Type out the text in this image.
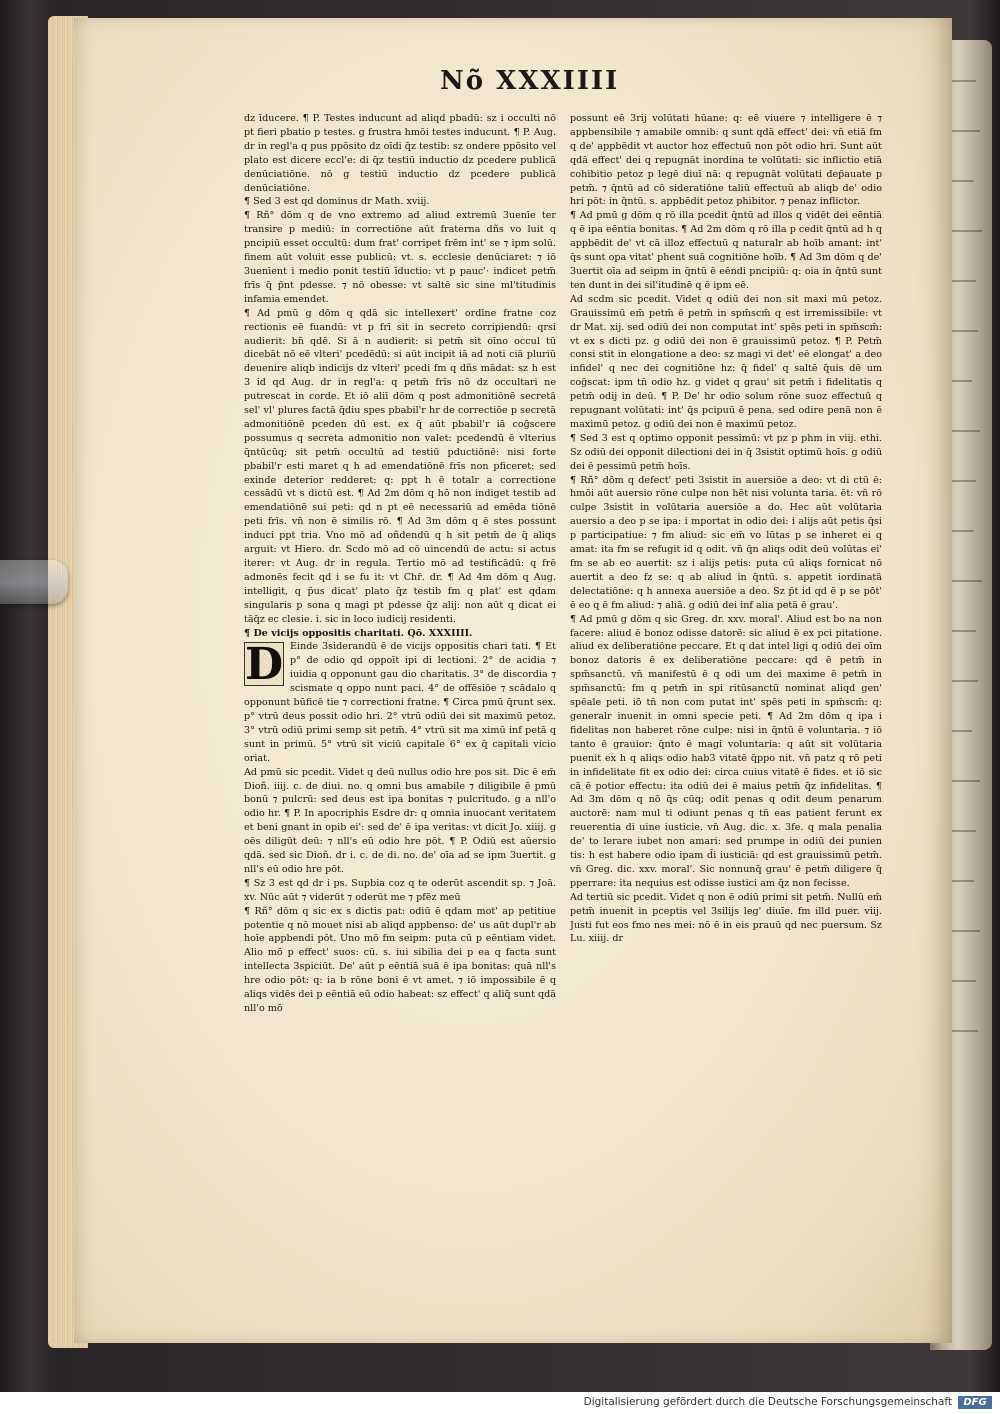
Nõ XXXIIII

dz īducere. ¶ P. Testes inducunt ad aliqd pbadū: sz i occulti nō pt fieri pbatio p testes. g frustra hmōi testes inducunt. ¶ P. Aug. dr in regl'a q pus ppōsito dz oīdi q̄z testib: sz ondere ppōsito vel plato est dicere eccl'e: di q̄z testiū inductio dz pcedere publicā denūciatiōne. nō g testiū inductio dz pcedere publicā denūciatiōne.

¶ Sed 3 est qd dominus dr Math. xviij.

¶ Rñ° dōm q de vno extremo ad aliud extremū 3uenīe ter transire p mediū: in correctiōne aūt fraterna dñs vo luit q pncipiū esset occultū: dum frat' corripet frēm int' se ⁊ ipm solū. finem aūt voluit esse publicū: vt. s. ecclesie denūciaret: ⁊ iō 3uenīent i medio ponit testiū īductio: vt p pauc'· indicet petm̄ frīs q̄ p̄nt pdesse. ⁊ nō obesse: vt saltē sic sine ml'titudinis infamia emendet.

¶ Ad pmū g dōm q qdā sic intellexert' ordīne fratne coz rectionis eē fuandū: vt p frī sit in secreto corripiendū: qrsi audierit: bn̄ qdē. Si ā n audierit: si petm̄ sit oīno occul tū dicebāt nō eē vlteri' pcedēdū: si aūt incipit iā ad noti ciā pluriū deuenire aliqb indicijs dz vlteri' pcedi fm q dñs mādat: sz h est 3 id qd Aug. dr in regl'a: q petm̄ frīs nō dz occultari ne putrescat in corde. Et iō aliī dōm q post admonitiōnē secretā sel' vl' plures factā q̄diu spes pbabil'r hr de correctiōe p secretā admonitiōnē pceden dū est. ex q̄ aūt pbabil'r iā cog̃scere possumus q secreta admonitio non valet: pcedendū ē vlterius q̄ntūcūq; sit petm̄ occultū ad testiū pductiōnē: nisi forte pbabil'r esti maret q h ad emendatiōnē frīs non pficeret: sed exinde deterior redderet: q: ppt h ē totalr a correctione cessādū vt s dictū est. ¶ Ad 2m dōm q hō non indiget testib ad emendatiōnē sui peti: qd n pt eē necessariū ad emēda tiōnē peti frīs. vn̄ non ē similis rō. ¶ Ad 3m dōm q ē stes possunt induci ppt tria. Vno mō ad oñdendū q h sit petm̄ de q̄ aliqs arguit: vt Hiero. dr. Scdo mō ad cō uincendū de actu: si actus iterer: vt Aug. dr in regula. Tertio mō ad testificādū: q frē admonēs fecit qd i se fu it: vt Chr̄. dr. ¶ Ad 4m dōm q Aug. intelligit, q p̄us dicat' plato q̄z testib fm q plat' est qdam singularis p sona q magi pt pdesse q̄z alij: non aūt q dicat ei tāq̄z ec clesie. i. sic in loco iudicij residenti.

¶ De vicijs oppositis charitati. Qō. XXXIIII.

D Einde 3siderandū ē de vicijs oppositis chari tati. ¶ Et p° de odio qd oppoīt ipi di lectioni. 2° de acidia ⁊ iuidia q opponunt gau dio charitatis. 3° de discordia ⁊ scismate q oppo nunt paci. 4° de offēsiōe ⁊ scādalo q opponunt būficē tie ⁊ correctioni fratne. ¶ Circa pmū q̃runt sex. p° vtrū deus possit odio hri. 2° vtrū odiū dei sit maximū petoz. 3° vtrū odiū primi semp sit petm̄. 4° vtrū sit ma ximū inf petā q sunt in primū. 5° vtrū sit viciū capitale 6° ex q̄ capitali vicio oriat.

Ad pmū sic pcedit. Videt q deū nullus odio hre pos sit. Dic ē em̄ Dioñ. iiij. c. de diui. no. q omni bus amabile ⁊ diligibile ē pmū bonū ⁊ pulcrū: sed deus est ipa bonitas ⁊ pulcritudo. g a nll'o odio hr. ¶ P. In apocriphis Esdre dr: q omnia inuocant veritatem et beni gnant in opib ei': sed de' ē ipa veritas: vt dicit Jo. xiiij. g oēs diligūt deū: ⁊ nll's eū odio hre pōt. ¶ P. Odiū est aūersio qdā. sed sic Dioñ. dr i. c. de di. no. de' oīa ad se ipm 3uertit. g nll's eū odio hre pōt.

¶ Sz 3 est qd dr i ps. Supbia coz q te oderūt ascendit sp. ⁊ Joā. xv. Nūc aūt ⁊ viderūt ⁊ oderūt me ⁊ pfēz meū

¶ Rñ° dōm q sic ex s dictis pat: odiū ē qdam mot' ap petitiue potentie q nō mouet nisi ab aliqd appbenso: de' us aūt dupl'r ab hoīe appbendi pōt. Uno mō fm seipm: puta cū p eēntiam videt. Alio mō p effect' suos: cū. s. iui sibilia dei p ea q facta sunt intellecta 3spiciūt. De' aūt p eēntiā suā ē ipa bonitas: quā nll's hre odio pōt: q: ia b rōne boni ē vt amet. ⁊ iō impossibile ē q aliqs vidēs dei p eēntiā eū odio habeat: sz effect' q aliq̄ sunt qdā nll'o mō

possunt eē 3rij volūtati hūane: q: eē viuere ⁊ intelligere ē ⁊ appbensibile ⁊ amabile omnib: q sunt qdā effect' dei: vn̄ etiā fm q de' appbēdit vt auctor hoz effectuū non pōt odio hri. Sunt aūt qdā effect' dei q repugnāt inordina te volūtati: sic inflictio etiā cohibitio petoz p legē diuī nā: q repugnāt volūtati dep̃auate p petm̄. ⁊ q̄ntū ad cō sideratiōne taliū effectuū ab aliqb de' odio hri pōt: in q̄ntū. s. appbēdit petoz phibitor. ⁊ penaz inflictor.

¶ Ad pmū g dōm q rō illa pcedit q̄ntū ad illos q vidēt dei eēntiā q ē ipa eēntia bonitas. ¶ Ad 2m dōm q rō illa p cedit q̄ntū ad h q appbēdit de' vt cā illoz effectuū q naturalr ab hoīb amant: int' q̄s sunt opa vitat' phent suā cognitiōne hoīb. ¶ Ad 3m dōm q de' 3uertit oīa ad seipm in q̄ntū ē eēndi pncipiū: q: oia in q̄ntū sunt ten dunt in dei sil'itudinē q ē ipm eē.

Ad scdm sic pcedit. Videt q odiū dei non sit maxi mū petoz. Grauissimū em̄ petm̄ ē petm̄ in spm̄scm̄ q est irremissibile: vt dr Mat. xij. sed odiū dei non computat int' spēs peti in spm̄scm̄: vt ex s dicti pz. g odiū dei non ē grauissimū petoz. ¶ P. Petm̄ consi stit in elongatione a deo: sz magi vi det' eē elongat' a deo infidel' q nec dei cognitiōne hz: q̄ fidel' q saltē q̄uis dē um cog̃scat: ipm tn̄ odio hz. g videt q grau' sit petm̄ i fidelitatis q petm̄ odij in deū. ¶ P. De' hr odio solum rōne suoz effectuū q repugnant volūtati: int' q̄s pcipuū ē pena. sed odire penā non ē maximū petoz. g odiū dei non ē maximū petoz.

¶ Sed 3 est q optimo opponit pessimū: vt pz p phm in viij. ethi. Sz odiū dei opponit dilectioni dei in q̄ 3sistit optimū hoīs. g odiū dei ē pessimū petm̄ hoīs.

¶ Rñ° dōm q defect' peti 3sistit in auersiōe a deo: vt di ctū ē: hmōi aūt auersio rōne culpe non hēt nisi volunta taria. ēt: vn̄ rō culpe 3sistit in volūtaria auersiōe a do. Hec aūt volūtaria auersio a deo p se ipa: i mportat in odio dei: i alijs aūt petis q̄si p participatiue: ⁊ fm aliud: sic em̄ vo lūtas p se inheret ei q amat: ita fm se refugit id q odit. vn̄ q̄n aliqs odit deū volūtas ei' fm se ab eo auertit: sz i alijs petis: puta cū aliqs fornicat nō auertit a deo fz se: q ab aliud in q̄ntū. s. appetit iordinatā delectatiōne: q h annexa auersiōe a deo. Sz p̄t id qd ē p se pōt' ē eo q ē fm aliud: ⁊ aliā. g odiū dei inf alia petā ē grau'.

¶ Ad pmū g dōm q sic Greg. dr. xxv. moral'. Aliud est bo na non facere: aliud ē bonoz odisse datorē: sic aliud ē ex pci pitatione. aliud ex deliberatiōne peccare. Et q dat intel ligi q odiū dei oīm bonoz datoris ē ex deliberatiōne peccare: qd ē petm̄ in spm̄sanctū. vn̄ manifestū ē q odi um dei maxime ē petm̄ in spm̄sanctū: fm q petm̄ in spi ritūsanctū nominat aliqd gen' spēale peti. iō tn̄ non com putat int' spēs peti in spm̄scm̄: q: generalr inuenit in omni specie peti. ¶ Ad 2m dōm q ipa i fidelitas non haberet rōne culpe: nisi in q̄ntū ē voluntaria. ⁊ iō tanto ē grauior: q̄nto ē magi voluntaria: q aūt sit volūtaria puenit ex h q aliqs odio hab3 vitatē q̄ppo nit. vn̄ patz q rō peti in infidelitate fit ex odio dei: circa cuius vitatē ē fides. et iō sic cā ē potior effectu: ita odiū dei ē maius petm̄ q̄z infidelitas. ¶ Ad 3m dōm q nō q̄s cūq; odit penas q odit deum penarum auctorē: nam mul ti odiunt penas q tn̄ eas patient ferunt ex reuerentia di uine iusticie. vn̄ Aug. dic. x. 3fe. q mala penalia de' to lerare iubet non amari: sed prumpe in odiū dei punien tis: h est habere odio ipam d̃i iusticiā: qd est grauissimū petm̄. vn̄ Greg. dic. xxv. moral'. Sic nonnunq̄ grau' ē petm̄ diligere q̄ pperrare: ita nequius est odisse iustici am q̄z non fecisse.

Ad tertiū sic pcedit. Videt q non ē odiū primi sit petm̄. Nullū em̄ petm̄ inuenit in pceptis vel 3silijs leg' diuīe. fm illd puer. viij. Justi fut eos fmo nes mei: nō ē in eis prauū qd nec puersum. Sz Lu. xiiij. dr

Digitalisierung gefördert durch die Deutsche Forschungsgemeinschaft	DFG
